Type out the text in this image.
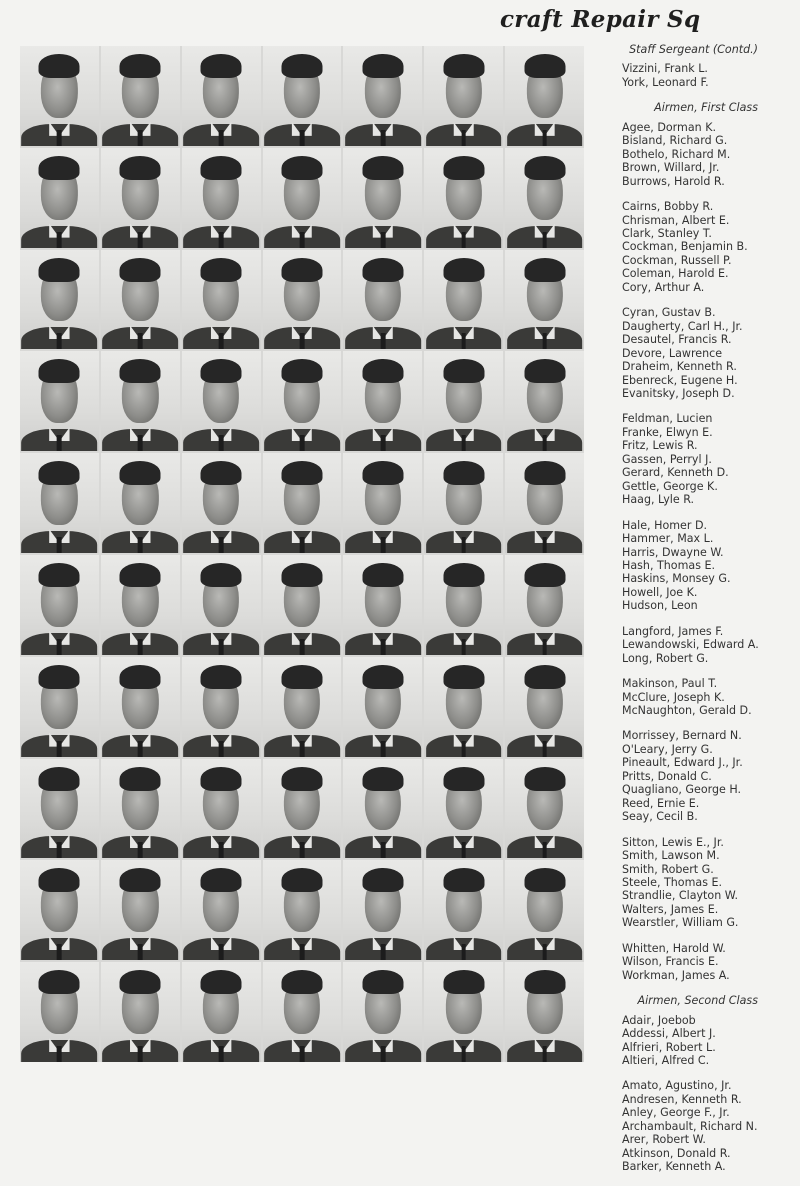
craft Repair Sq
Staff Sergeant (Contd.)
Vizzini, Frank L.
York, Leonard F.
Airmen, First Class
Agee, Dorman K.
Bisland, Richard G.
Bothelo, Richard M.
Brown, Willard, Jr.
Burrows, Harold R.
Cairns, Bobby R.
Chrisman, Albert E.
Clark, Stanley T.
Cockman, Benjamin B.
Cockman, Russell P.
Coleman, Harold E.
Cory, Arthur A.
Cyran, Gustav B.
Daugherty, Carl H., Jr.
Desautel, Francis R.
Devore, Lawrence
Draheim, Kenneth R.
Ebenreck, Eugene H.
Evanitsky, Joseph D.
Feldman, Lucien
Franke, Elwyn E.
Fritz, Lewis R.
Gassen, Perryl J.
Gerard, Kenneth D.
Gettle, George K.
Haag, Lyle R.
Hale, Homer D.
Hammer, Max L.
Harris, Dwayne W.
Hash, Thomas E.
Haskins, Monsey G.
Howell, Joe K.
Hudson, Leon
Langford, James F.
Lewandowski, Edward A.
Long, Robert G.
Makinson, Paul T.
McClure, Joseph K.
McNaughton, Gerald D.
Morrissey, Bernard N.
O'Leary, Jerry G.
Pineault, Edward J., Jr.
Pritts, Donald C.
Quagliano, George H.
Reed, Ernie E.
Seay, Cecil B.
Sitton, Lewis E., Jr.
Smith, Lawson M.
Smith, Robert G.
Steele, Thomas E.
Strandlie, Clayton W.
Walters, James E.
Wearstler, William G.
Whitten, Harold W.
Wilson, Francis E.
Workman, James A.
Airmen, Second Class
Adair, Joebob
Addessi, Albert J.
Alfrieri, Robert L.
Altieri, Alfred C.
Amato, Agustino, Jr.
Andresen, Kenneth R.
Anley, George F., Jr.
Archambault, Richard N.
Arer, Robert W.
Atkinson, Donald R.
Barker, Kenneth A.
